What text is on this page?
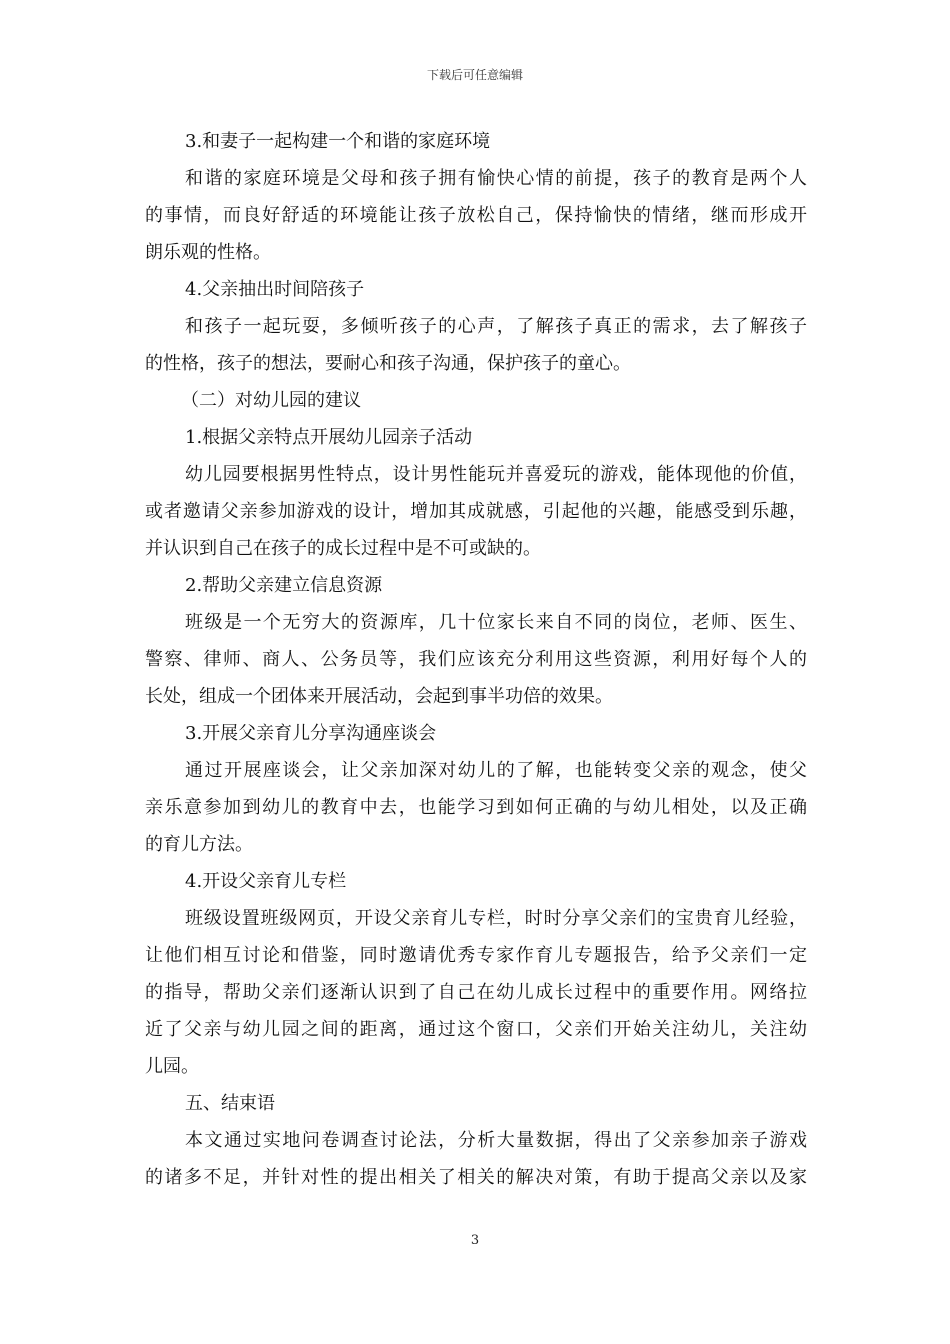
下载后可任意编辑
3.和妻子一起构建一个和谐的家庭环境
和谐的家庭环境是父母和孩子拥有愉快心情的前提，孩子的教育是两个人
的事情，而良好舒适的环境能让孩子放松自己，保持愉快的情绪，继而形成开
朗乐观的性格。
4.父亲抽出时间陪孩子
和孩子一起玩耍，多倾听孩子的心声，了解孩子真正的需求，去了解孩子
的性格，孩子的想法，要耐心和孩子沟通，保护孩子的童心。
（二）对幼儿园的建议
1.根据父亲特点开展幼儿园亲子活动
幼儿园要根据男性特点，设计男性能玩并喜爱玩的游戏，能体现他的价值，
或者邀请父亲参加游戏的设计，增加其成就感，引起他的兴趣，能感受到乐趣，
并认识到自己在孩子的成长过程中是不可或缺的。
2.帮助父亲建立信息资源
班级是一个无穷大的资源库，几十位家长来自不同的岗位，老师、医生、
警察、律师、商人、公务员等，我们应该充分利用这些资源，利用好每个人的
长处，组成一个团体来开展活动，会起到事半功倍的效果。
3.开展父亲育儿分享沟通座谈会
通过开展座谈会，让父亲加深对幼儿的了解，也能转变父亲的观念，使父
亲乐意参加到幼儿的教育中去，也能学习到如何正确的与幼儿相处，以及正确
的育儿方法。
4.开设父亲育儿专栏
班级设置班级网页，开设父亲育儿专栏，时时分享父亲们的宝贵育儿经验，
让他们相互讨论和借鉴，同时邀请优秀专家作育儿专题报告，给予父亲们一定
的指导，帮助父亲们逐渐认识到了自己在幼儿成长过程中的重要作用。网络拉
近了父亲与幼儿园之间的距离，通过这个窗口，父亲们开始关注幼儿，关注幼
儿园。
五、结束语
本文通过实地问卷调查讨论法，分析大量数据，得出了父亲参加亲子游戏
的诸多不足，并针对性的提出相关了相关的解决对策，有助于提高父亲以及家
3
